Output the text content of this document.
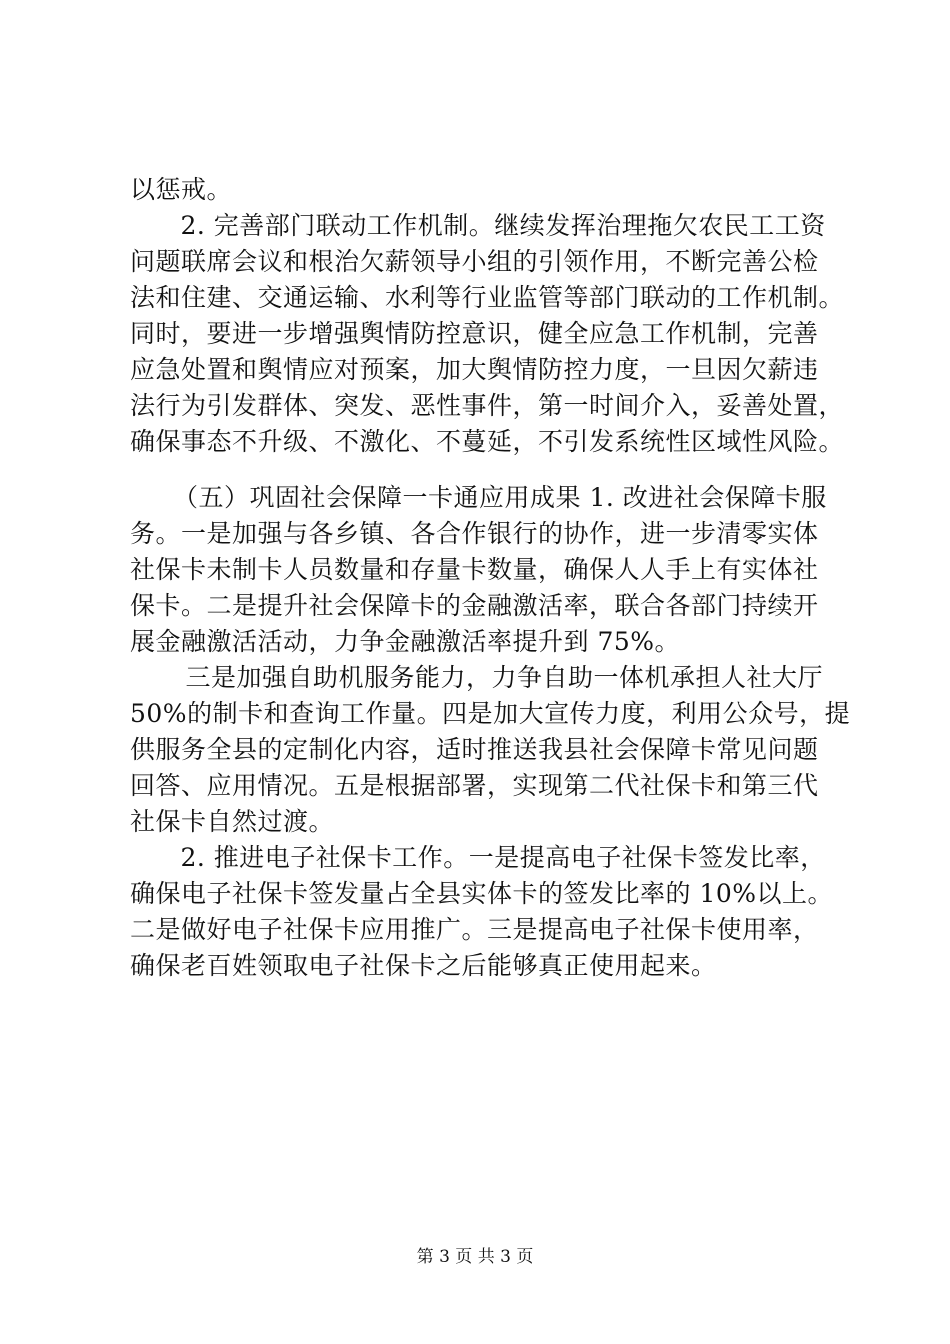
以惩戒。
　2. 完善部门联动工作机制。继续发挥治理拖欠农民工工资
问题联席会议和根治欠薪领导小组的引领作用，不断完善公检
法和住建、交通运输、水利等行业监管等部门联动的工作机制。
同时，要进一步增强舆情防控意识，健全应急工作机制，完善
应急处置和舆情应对预案，加大舆情防控力度，一旦因欠薪违
法行为引发群体、突发、恶性事件，第一时间介入，妥善处置，
确保事态不升级、不激化、不蔓延，不引发系统性区域性风险。
　（五）巩固社会保障一卡通应用成果 1. 改进社会保障卡服
务。一是加强与各乡镇、各合作银行的协作，进一步清零实体
社保卡未制卡人员数量和存量卡数量，确保人人手上有实体社
保卡。二是提升社会保障卡的金融激活率，联合各部门持续开
展金融激活活动，力争金融激活率提升到 75%。
　三是加强自助机服务能力，力争自助一体机承担人社大厅
50%的制卡和查询工作量。四是加大宣传力度，利用公众号，提
供服务全县的定制化内容，适时推送我县社会保障卡常见问题
回答、应用情况。五是根据部署，实现第二代社保卡和第三代
社保卡自然过渡。
　2. 推进电子社保卡工作。一是提高电子社保卡签发比率，
确保电子社保卡签发量占全县实体卡的签发比率的 10%以上。
二是做好电子社保卡应用推广。三是提高电子社保卡使用率，
确保老百姓领取电子社保卡之后能够真正使用起来。
第 3 页 共 3 页
